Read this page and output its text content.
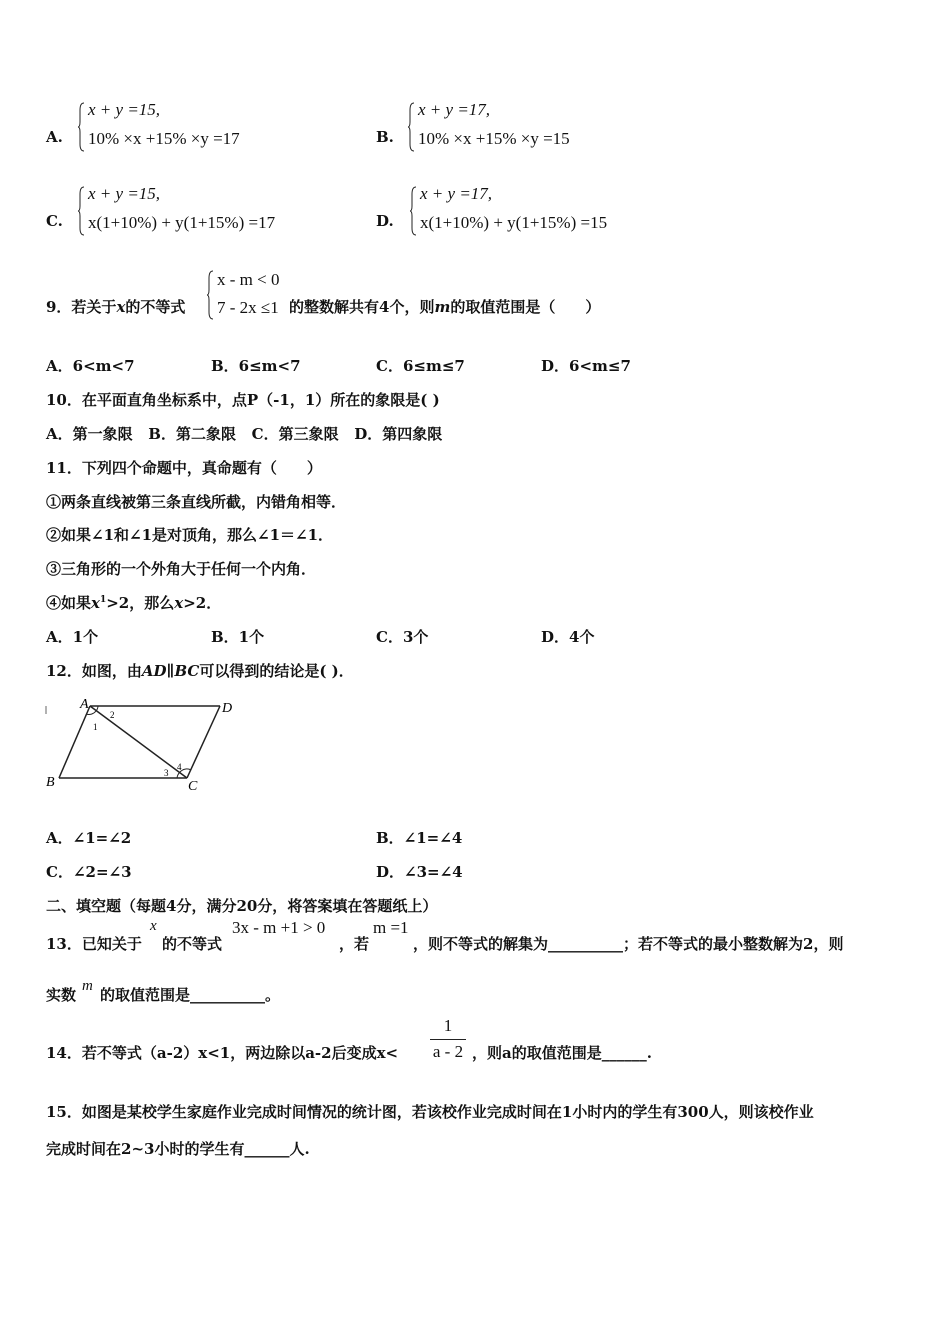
A.
x + y =15,
10% ×x +15% ×y =17	B.
x + y =17,
10% ×x +15% ×y =15
C.
x + y =15,
x(1+10%) + y(1+15%) =17	D.
x + y =17,
x(1+10%) + y(1+15%) =15
9．若关于x的不等式
x - m < 0
7 - 2x ≤1 的整数解共有4个，则m的取值范围是（　　）
A．6<m<7	B．6≤m<7	C．6≤m≤7	D．6<m≤7
10．在平面直角坐标系中，点P（-1，1）所在的象限是( )
A．第一象限   B．第二象限   C．第三象限   D．第四象限
11．下列四个命题中，真命题有（　　）
①两条直线被第三条直线所截，内错角相等．
②如果∠1和∠1是对顶角，那么∠1＝∠1．
③三角形的一个外角大于任何一个内角．
④如果$x^1>2$，那么x>2．
A．1个	B．1个	C．3个	D．4个
12．如图，由AD∥BC可以得到的结论是( )．
A	D
B	C
1
2
3
4
A．∠1=∠2	B．∠1=∠4
C．∠2=∠3	D．∠3=∠4
二、填空题（每题4分，满分20分，将答案填在答题纸上）
13．已知关于
x
的不等式
3x - m +1 > 0
，若
m =1
，则不等式的解集为__________；若不等式的最小整数解为2，则
实数 m 的取值范围是__________。
14．若不等式（a-2）x<1，两边除以a-2后变成x<
1
a - 2 ，则a的取值范围是______.
15．如图是某校学生家庭作业完成时间情况的统计图，若该校作业完成时间在1小时内的学生有300人，则该校作业
完成时间在2~3小时的学生有______人.
